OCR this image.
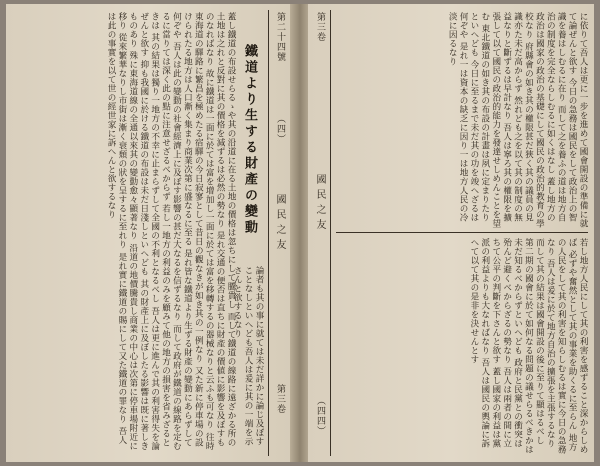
第二十四號
（四）
國民之友
第三卷
鐵道より生する財產の變動
論者も其の事に就ては未だ詳かに論じ及ぼすことなしといへども吾人は爰に其の一端を示さんと欲するなり
蓋し鐵道の布設せらるゝや其の沿道に在る土地の價格は忽ちにして騰貴し 而して鐵道の線路に遠ざかる所の土地は之れと反對に其の價格を減ずるは必然の勢なり 是れ交通の便否は直ちに財產の價値に影響を及ぼすものなればなり 故に鐵道は一面に於ては富を增加し一面に於ては富を移轉するの器械なりと云ふも可なり 往時東海道の驛路に繁昌を極めたる宿驛の今日寂寥として昔日の觀なきが如き其の一例なり 又た新に停車場の設けられたる地方は人口漸く集まり商業次第に盛なるに至る 是れ皆な鐵道より生ずる財產の變動にあらずして何ぞや 吾人は此の變動の社會經濟上に及ぼす影響の甚だ大なるを信ずるなり 而して政府が鐵道の線路を定むるに當りては深く此の點に注意せざるべからず 若し一地方の利益のみを顧みて他の地方の損害を省みざるときは 其の結果は獨り一地方の不幸に止まらずして全國の不利となるべし 吾人は更に進んで其の利害得失を論ぜんと欲す 抑も我國に於ける鐵道の布設は未だ日淺しといへども 其の財產上に及ぼしたる影響は既に著しきものあり 殊に東海道線の全通以來其の變動愈々顯著なり 沿道の地價騰貴し商業の中心は次第に停車場附近に移り 從來繁華なりし市街は漸く衰頹の狀を呈するに至れり 是れ實に鐵道の賜にして又た鐵道の罪なり 吾人は此の事實を以て世の經世家に訴へんと欲するなり	第三卷
國民之友
（四四）
に依りて吾人は更に一步を進めて國會開設の準備に就て論ぜんと欲す 今日の急務は國民をして政治上の智識を養はしむるに在り 而して之を養ふの道は地方自治の制度を完全ならしむるに如くはなし 蓋し地方の政治は國家の政治の基礎にして國民の政治的教育の學校なり 府縣會の如き其の權限甚だ狹く其の議員の見識亦た未だ高からず 然れども之を以て其の制度の無益なりと斷ずるは早計なり 吾人は寧ろ其の權限を擴張して以て國民の政治的能力を發達せしめんことを望む 東北鐵道の如き其の布設の計畫は夙に定まりたりといへども 今日に至るまで未だ其の功を竣へざるは何ぞや 是れ一は資本の缺乏に因り一は地方人民の冷淡に因るなり
若し地方人民にして其の利害を感ずること深からしめば 必ずや奮然として其の事業を助くるに至らん 地方の人民をして其の利害を知らしむるは實に今日の急務なり 吾人は爰に於て地方自治の擴張を主張するなり 而して其の結果は國會開設の後に至りて顯はるべし 第二期の國會に於て如何なる問題の議せらるべきかは未だ知るべからずといへども 政府と民黨との衝突は殆んど避くべからざるの勢なり 吾人は兩者の間に立ちて公平の判斷を下さんと欲す 蓋し國家の利益は黨派の利益よりも大なればなり 吾人は國民の輿論に訴へて以て其の是非を決せんとす
